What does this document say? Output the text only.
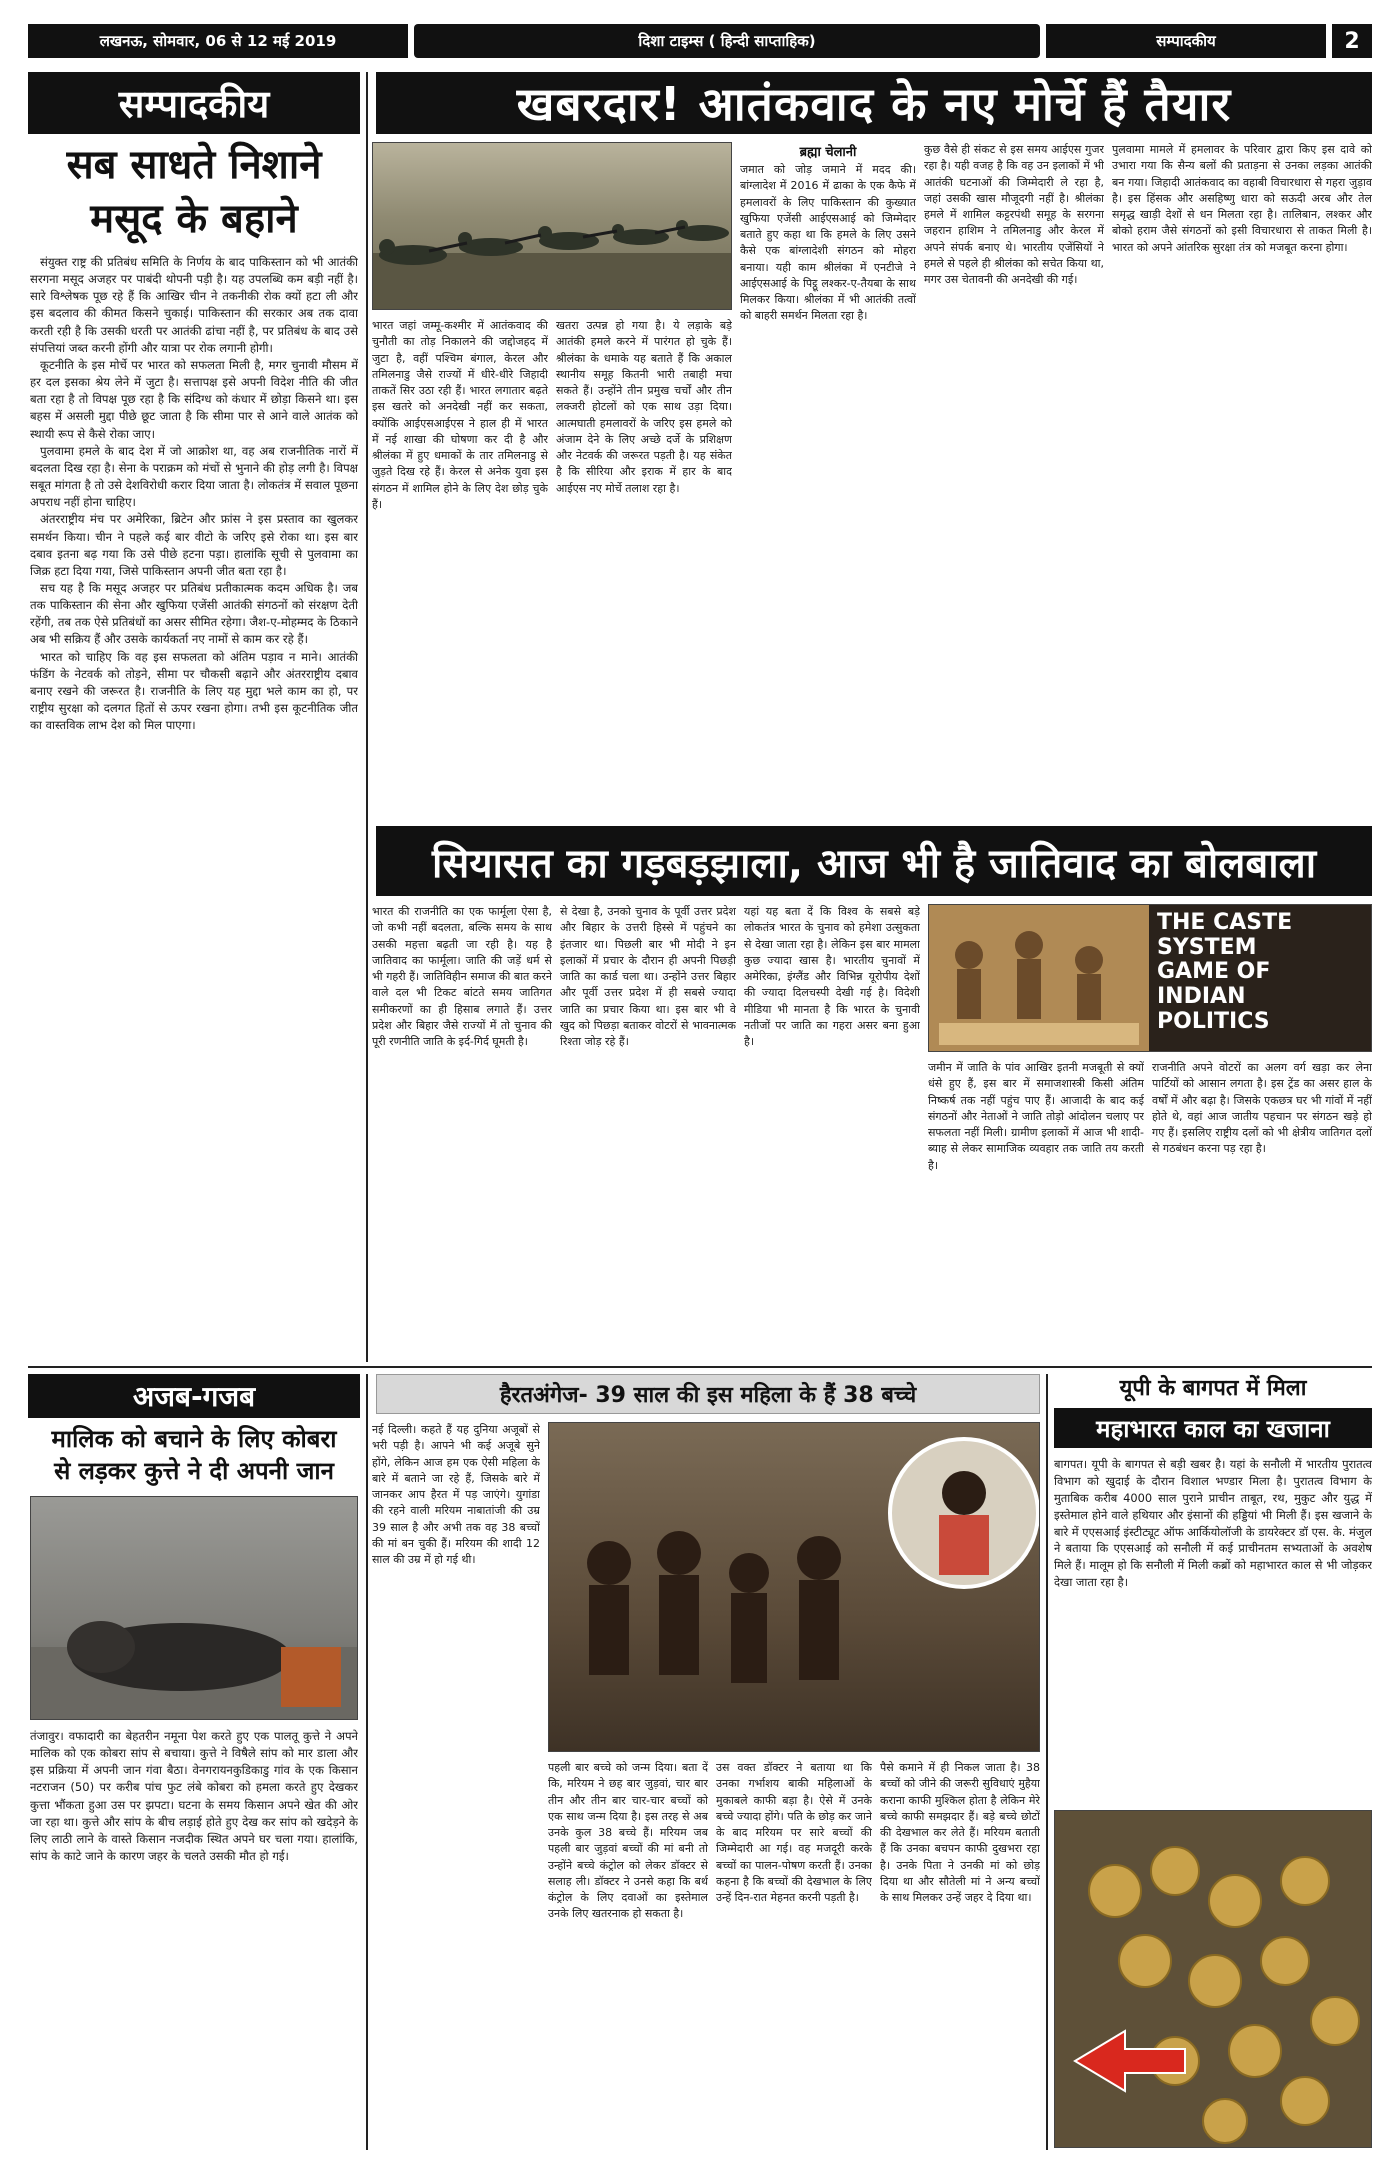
लखनऊ, सोमवार, 06 से 12 मई 2019	दिशा टाइम्स ( हिन्दी साप्ताहिक)	सम्पादकीय	2
सम्पादकीय
सब साधते निशाने
मसूद के बहाने

संयुक्त राष्ट्र की प्रतिबंध समिति के निर्णय के बाद पाकिस्तान को भी आतंकी सरगना मसूद अजहर पर पाबंदी थोपनी पड़ी है। यह उपलब्धि कम बड़ी नहीं है। सारे विश्लेषक पूछ रहे हैं कि आखिर चीन ने तकनीकी रोक क्यों हटा ली और इस बदलाव की कीमत किसने चुकाई। पाकिस्तान की सरकार अब तक दावा करती रही है कि उसकी धरती पर आतंकी ढांचा नहीं है, पर प्रतिबंध के बाद उसे संपत्तियां जब्त करनी होंगी और यात्रा पर रोक लगानी होगी।

कूटनीति के इस मोर्चे पर भारत को सफलता मिली है, मगर चुनावी मौसम में हर दल इसका श्रेय लेने में जुटा है। सत्तापक्ष इसे अपनी विदेश नीति की जीत बता रहा है तो विपक्ष पूछ रहा है कि संदिग्ध को कंधार में छोड़ा किसने था। इस बहस में असली मुद्दा पीछे छूट जाता है कि सीमा पार से आने वाले आतंक को स्थायी रूप से कैसे रोका जाए।

पुलवामा हमले के बाद देश में जो आक्रोश था, वह अब राजनीतिक नारों में बदलता दिख रहा है। सेना के पराक्रम को मंचों से भुनाने की होड़ लगी है। विपक्ष सबूत मांगता है तो उसे देशविरोधी करार दिया जाता है। लोकतंत्र में सवाल पूछना अपराध नहीं होना चाहिए।

अंतरराष्ट्रीय मंच पर अमेरिका, ब्रिटेन और फ्रांस ने इस प्रस्ताव का खुलकर समर्थन किया। चीन ने पहले कई बार वीटो के जरिए इसे रोका था। इस बार दबाव इतना बढ़ गया कि उसे पीछे हटना पड़ा। हालांकि सूची से पुलवामा का जिक्र हटा दिया गया, जिसे पाकिस्तान अपनी जीत बता रहा है।

सच यह है कि मसूद अजहर पर प्रतिबंध प्रतीकात्मक कदम अधिक है। जब तक पाकिस्तान की सेना और खुफिया एजेंसी आतंकी संगठनों को संरक्षण देती रहेंगी, तब तक ऐसे प्रतिबंधों का असर सीमित रहेगा। जैश-ए-मोहम्मद के ठिकाने अब भी सक्रिय हैं और उसके कार्यकर्ता नए नामों से काम कर रहे हैं।

भारत को चाहिए कि वह इस सफलता को अंतिम पड़ाव न माने। आतंकी फंडिंग के नेटवर्क को तोड़ने, सीमा पर चौकसी बढ़ाने और अंतरराष्ट्रीय दबाव बनाए रखने की जरूरत है। राजनीति के लिए यह मुद्दा भले काम का हो, पर राष्ट्रीय सुरक्षा को दलगत हितों से ऊपर रखना होगा। तभी इस कूटनीतिक जीत का वास्तविक लाभ देश को मिल पाएगा।

खबरदार! आतंकवाद के नए मोर्चे हैं तैयार
भारत जहां जम्मू-कश्मीर में आतंकवाद की चुनौती का तोड़ निकालने की जद्दोजहद में जुटा है, वहीं पश्चिम बंगाल, केरल और तमिलनाडु जैसे राज्यों में धीरे-धीरे जिहादी ताकतें सिर उठा रही हैं। भारत लगातार बढ़ते इस खतरे को अनदेखी नहीं कर सकता, क्योंकि आईएसआईएस ने हाल ही में भारत में नई शाखा की घोषणा कर दी है और श्रीलंका में हुए धमाकों के तार तमिलनाडु से जुड़ते दिख रहे हैं। केरल से अनेक युवा इस संगठन में शामिल होने के लिए देश छोड़ चुके हैं।
खतरा उत्पन्न हो गया है। ये लड़ाके बड़े आतंकी हमले करने में पारंगत हो चुके हैं। श्रीलंका के धमाके यह बताते हैं कि अकाल स्थानीय समूह कितनी भारी तबाही मचा सकते हैं। उन्होंने तीन प्रमुख चर्चों और तीन लक्जरी होटलों को एक साथ उड़ा दिया। आत्मघाती हमलावरों के जरिए इस हमले को अंजाम देने के लिए अच्छे दर्जे के प्रशिक्षण और नेटवर्क की जरूरत पड़ती है। यह संकेत है कि सीरिया और इराक में हार के बाद आईएस नए मोर्चे तलाश रहा है।
ब्रह्मा चेलानी
जमात को जोड़ जमाने में मदद की। बांग्लादेश में 2016 में ढाका के एक कैफे में हमलावरों के लिए पाकिस्तान की कुख्यात खुफिया एजेंसी आईएसआई को जिम्मेदार बताते हुए कहा था कि हमले के लिए उसने कैसे एक बांग्लादेशी संगठन को मोहरा बनाया। यही काम श्रीलंका में एनटीजे ने आईएसआई के पिट्ठू लश्कर-ए-तैयबा के साथ मिलकर किया। श्रीलंका में भी आतंकी तत्वों को बाहरी समर्थन मिलता रहा है।
कुछ वैसे ही संकट से इस समय आईएस गुजर रहा है। यही वजह है कि वह उन इलाकों में भी आतंकी घटनाओं की जिम्मेदारी ले रहा है, जहां उसकी खास मौजूदगी नहीं है। श्रीलंका हमले में शामिल कट्टरपंथी समूह के सरगना जहरान हाशिम ने तमिलनाडु और केरल में अपने संपर्क बनाए थे। भारतीय एजेंसियों ने हमले से पहले ही श्रीलंका को सचेत किया था, मगर उस चेतावनी की अनदेखी की गई।
पुलवामा मामले में हमलावर के परिवार द्वारा किए इस दावे को उभारा गया कि सैन्य बलों की प्रताड़ना से उनका लड़का आतंकी बन गया। जिहादी आतंकवाद का वहाबी विचारधारा से गहरा जुड़ाव है। इस हिंसक और असहिष्णु धारा को सऊदी अरब और तेल समृद्ध खाड़ी देशों से धन मिलता रहा है। तालिबान, लश्कर और बोको हराम जैसे संगठनों को इसी विचारधारा से ताकत मिली है। भारत को अपने आंतरिक सुरक्षा तंत्र को मजबूत करना होगा।
सियासत का गड़बड़झाला, आज भी है जातिवाद का बोलबाला
भारत की राजनीति का एक फार्मूला ऐसा है, जो कभी नहीं बदलता, बल्कि समय के साथ उसकी महत्ता बढ़ती जा रही है। यह है जातिवाद का फार्मूला। जाति की जड़ें धर्म से भी गहरी हैं। जातिविहीन समाज की बात करने वाले दल भी टिकट बांटते समय जातिगत समीकरणों का ही हिसाब लगाते हैं। उत्तर प्रदेश और बिहार जैसे राज्यों में तो चुनाव की पूरी रणनीति जाति के इर्द-गिर्द घूमती है।
से देखा है, उनको चुनाव के पूर्वी उत्तर प्रदेश और बिहार के उत्तरी हिस्से में पहुंचने का इंतजार था। पिछली बार भी मोदी ने इन इलाकों में प्रचार के दौरान ही अपनी पिछड़ी जाति का कार्ड चला था। उन्होंने उत्तर बिहार और पूर्वी उत्तर प्रदेश में ही सबसे ज्यादा जाति का प्रचार किया था। इस बार भी वे खुद को पिछड़ा बताकर वोटरों से भावनात्मक रिश्ता जोड़ रहे हैं।
यहां यह बता दें कि विश्व के सबसे बड़े लोकतंत्र भारत के चुनाव को हमेशा उत्सुकता से देखा जाता रहा है। लेकिन इस बार मामला कुछ ज्यादा खास है। भारतीय चुनावों में अमेरिका, इंग्लैंड और विभिन्न यूरोपीय देशों की ज्यादा दिलचस्पी देखी गई है। विदेशी मीडिया भी मानता है कि भारत के चुनावी नतीजों पर जाति का गहरा असर बना हुआ है।
THE CASTE
SYSTEM
GAME OF
INDIAN
POLITICS
जमीन में जाति के पांव आखिर इतनी मजबूती से क्यों धंसे हुए हैं, इस बार में समाजशास्त्री किसी अंतिम निष्कर्ष तक नहीं पहुंच पाए हैं। आजादी के बाद कई संगठनों और नेताओं ने जाति तोड़ो आंदोलन चलाए पर सफलता नहीं मिली। ग्रामीण इलाकों में आज भी शादी-ब्याह से लेकर सामाजिक व्यवहार तक जाति तय करती है।
राजनीति अपने वोटरों का अलग वर्ग खड़ा कर लेना पार्टियों को आसान लगता है। इस ट्रेंड का असर हाल के वर्षों में और बढ़ा है। जिसके एकछत्र घर भी गांवों में नहीं होते थे, वहां आज जातीय पहचान पर संगठन खड़े हो गए हैं। इसलिए राष्ट्रीय दलों को भी क्षेत्रीय जातिगत दलों से गठबंधन करना पड़ रहा है।
अजब-गजब
मालिक को बचाने के लिए कोबरा
से लड़कर कुत्ते ने दी अपनी जान
तंजावुर। वफादारी का बेहतरीन नमूना पेश करते हुए एक पालतू कुत्ते ने अपने मालिक को एक कोबरा सांप से बचाया। कुत्ते ने विषैले सांप को मार डाला और इस प्रक्रिया में अपनी जान गंवा बैठा। वेनगरायनकुडिकाडु गांव के एक किसान नटराजन (50) पर करीब पांच फुट लंबे कोबरा को हमला करते हुए देखकर कुत्ता भौंकता हुआ उस पर झपटा। घटना के समय किसान अपने खेत की ओर जा रहा था। कुत्ते और सांप के बीच लड़ाई होते हुए देख कर सांप को खदेड़ने के लिए लाठी लाने के वास्ते किसान नजदीक स्थित अपने घर चला गया। हालांकि, सांप के काटे जाने के कारण जहर के चलते उसकी मौत हो गई।
हैरतअंगेज- 39 साल की इस महिला के हैं 38 बच्चे
नई दिल्ली। कहते हैं यह दुनिया अजूबों से भरी पड़ी है। आपने भी कई अजूबे सुने होंगे, लेकिन आज हम एक ऐसी महिला के बारे में बताने जा रहे हैं, जिसके बारे में जानकर आप हैरत में पड़ जाएंगे। युगांडा की रहने वाली मरियम नाबातांजी की उम्र 39 साल है और अभी तक वह 38 बच्चों की मां बन चुकी हैं। मरियम की शादी 12 साल की उम्र में हो गई थी।
पहली बार बच्चे को जन्म दिया। बता दें कि, मरियम ने छह बार जुड़वां, चार बार तीन और तीन बार चार-चार बच्चों को एक साथ जन्म दिया है। इस तरह से अब उनके कुल 38 बच्चे हैं। मरियम जब पहली बार जुड़वां बच्चों की मां बनी तो उन्होंने बच्चे कंट्रोल को लेकर डॉक्टर से सलाह ली। डॉक्टर ने उनसे कहा कि बर्थ कंट्रोल के लिए दवाओं का इस्तेमाल उनके लिए खतरनाक हो सकता है।
उस वक्त डॉक्टर ने बताया था कि उनका गर्भाशय बाकी महिलाओं के मुकाबले काफी बड़ा है। ऐसे में उनके बच्चे ज्यादा होंगे। पति के छोड़ कर जाने के बाद मरियम पर सारे बच्चों की जिम्मेदारी आ गई। वह मजदूरी करके बच्चों का पालन-पोषण करती हैं। उनका कहना है कि बच्चों की देखभाल के लिए उन्हें दिन-रात मेहनत करनी पड़ती है।
पैसे कमाने में ही निकल जाता है। 38 बच्चों को जीने की जरूरी सुविधाएं मुहैया कराना काफी मुश्किल होता है लेकिन मेरे बच्चे काफी समझदार हैं। बड़े बच्चे छोटों की देखभाल कर लेते हैं। मरियम बताती हैं कि उनका बचपन काफी दुखभरा रहा है। उनके पिता ने उनकी मां को छोड़ दिया था और सौतेली मां ने अन्य बच्चों के साथ मिलकर उन्हें जहर दे दिया था।
यूपी के बागपत में मिला
महाभारत काल का खजाना
बागपत। यूपी के बागपत से बड़ी खबर है। यहां के सनौली में भारतीय पुरातत्व विभाग को खुदाई के दौरान विशाल भण्डार मिला है। पुरातत्व विभाग के मुताबिक करीब 4000 साल पुराने प्राचीन ताबूत, रथ, मुकुट और युद्ध में इस्तेमाल होने वाले हथियार और इंसानों की हड्डियां भी मिली हैं। इस खजाने के बारे में एएसआई इंस्टीट्यूट ऑफ आर्कियोलॉजी के डायरेक्टर डॉ एस. के. मंजुल ने बताया कि एएसआई को सनौली में कई प्राचीनतम सभ्यताओं के अवशेष मिले हैं। मालूम हो कि सनौली में मिली कब्रों को महाभारत काल से भी जोड़कर देखा जाता रहा है।
